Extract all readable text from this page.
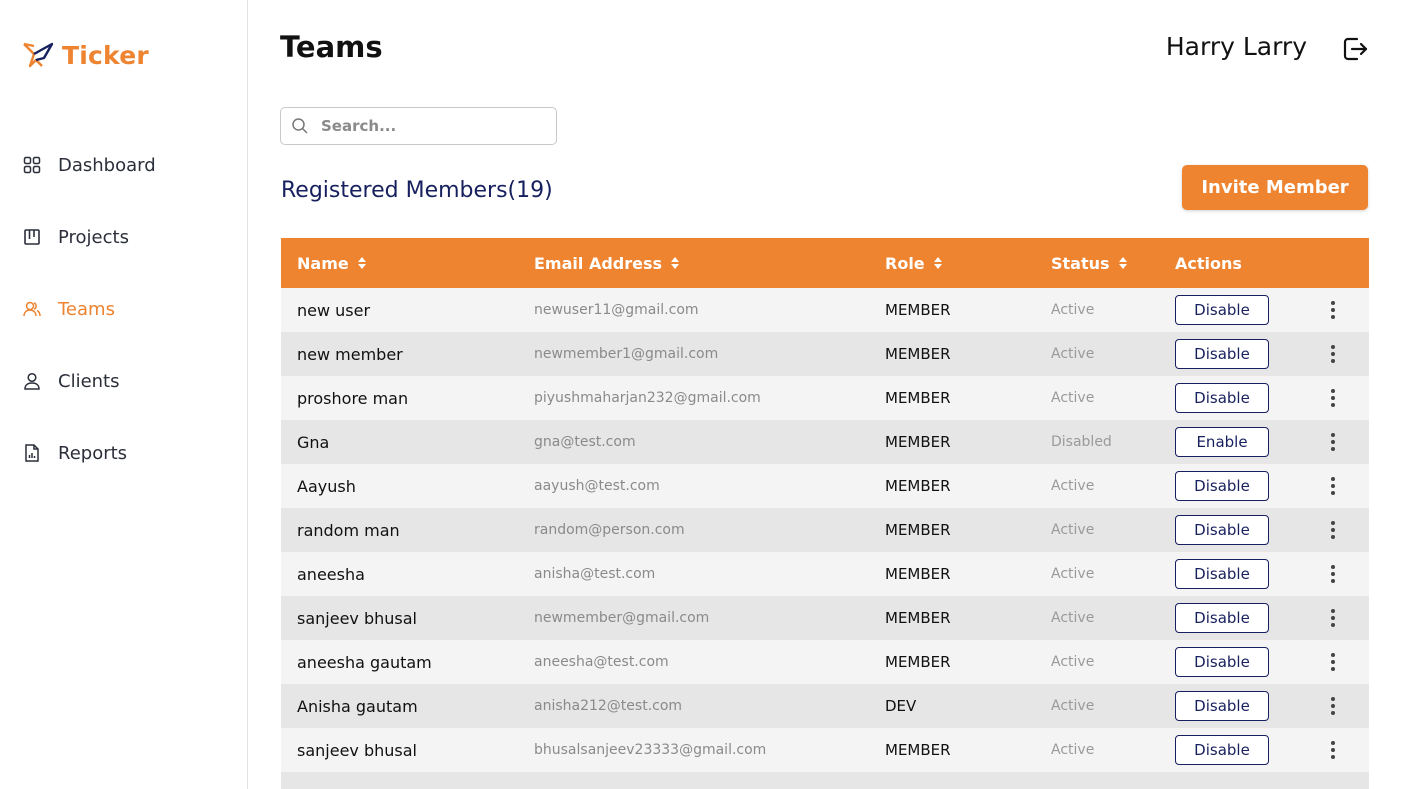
Ticker
Dashboard
Projects
Teams
Clients
Reports
Teams	Harry Larry
Search...
Registered Members(19)	Invite Member
Name	Email Address	Role	Status	Actions
new user	newuser11@gmail.com	MEMBER	Active	Disable
new member	newmember1@gmail.com	MEMBER	Active	Disable
proshore man	piyushmaharjan232@gmail.com	MEMBER	Active	Disable
Gna	gna@test.com	MEMBER	Disabled	Enable
Aayush	aayush@test.com	MEMBER	Active	Disable
random man	random@person.com	MEMBER	Active	Disable
aneesha	anisha@test.com	MEMBER	Active	Disable
sanjeev bhusal	newmember@gmail.com	MEMBER	Active	Disable
aneesha gautam	aneesha@test.com	MEMBER	Active	Disable
Anisha gautam	anisha212@test.com	DEV	Active	Disable
sanjeev bhusal	bhusalsanjeev23333@gmail.com	MEMBER	Active	Disable
